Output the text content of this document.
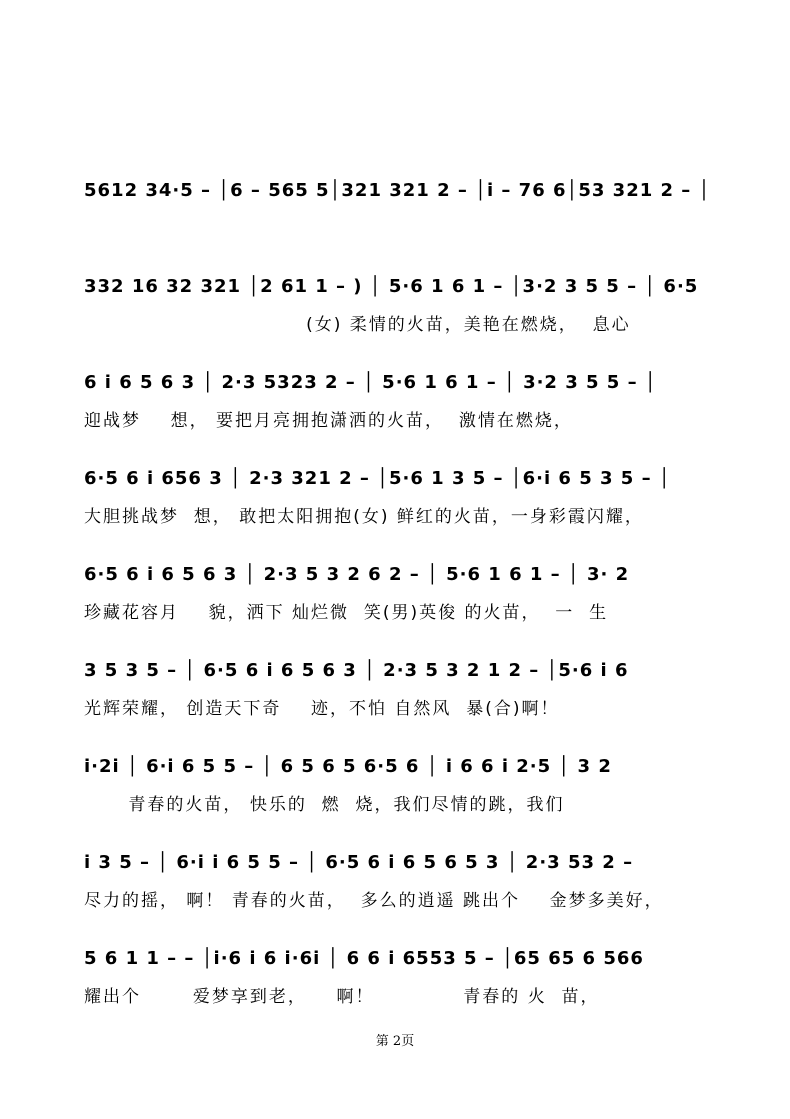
5612 34·5 – │6 – 565 5│321 321 2 – │i – 76 6│53 321 2 – │
332 16 32 321 │2 61 1 – ) │ 5·6 1 6 1 – │3·2 3 5 5 – │ 6·5
(女) 柔情的火苗，美艳在燃烧，  息心
6 i 6 5 6 3 │ 2·3 5323 2 – │ 5·6 1 6 1 – │ 3·2 3 5 5 – │
迎战梦    想， 要把月亮拥抱潇洒的火苗，  激情在燃烧，
6·5 6 i 656 3 │ 2·3 321 2 – │5·6 1 3 5 – │6·i 6 5 3 5 – │
大胆挑战梦  想， 敢把太阳拥抱(女) 鲜红的火苗，一身彩霞闪耀，
6·5 6 i 6 5 6 3 │ 2·3 5 3 2 6 2 – │ 5·6 1 6 1 – │ 3· 2
珍藏花容月    貌，洒下 灿烂微  笑(男)英俊 的火苗，  一  生
3 5 3 5 – │ 6·5 6 i 6 5 6 3 │ 2·3 5 3 2 1 2 – │5·6 i 6
光辉荣耀， 创造天下奇    迹，不怕 自然风  暴(合)啊！
i·2i │ 6·i 6 5 5 – │ 6 5 6 5 6·5 6 │ i 6 6 i 2·5 │ 3 2
青春的火苗， 快乐的  燃  烧，我们尽情的跳，我们
i 3 5 – │ 6·i i 6 5 5 – │ 6·5 6 i 6 5 6 5 3 │ 2·3 53 2 –
尽力的摇， 啊！ 青春的火苗，  多么的逍遥 跳出个    金梦多美好，
5 6 1 1 – – │i·6 i 6 i·6i │ 6 6 i 6553 5 – │65 65 6 566
耀出个       爱梦享到老，    啊！            青春的 火  苗，
第 2页
